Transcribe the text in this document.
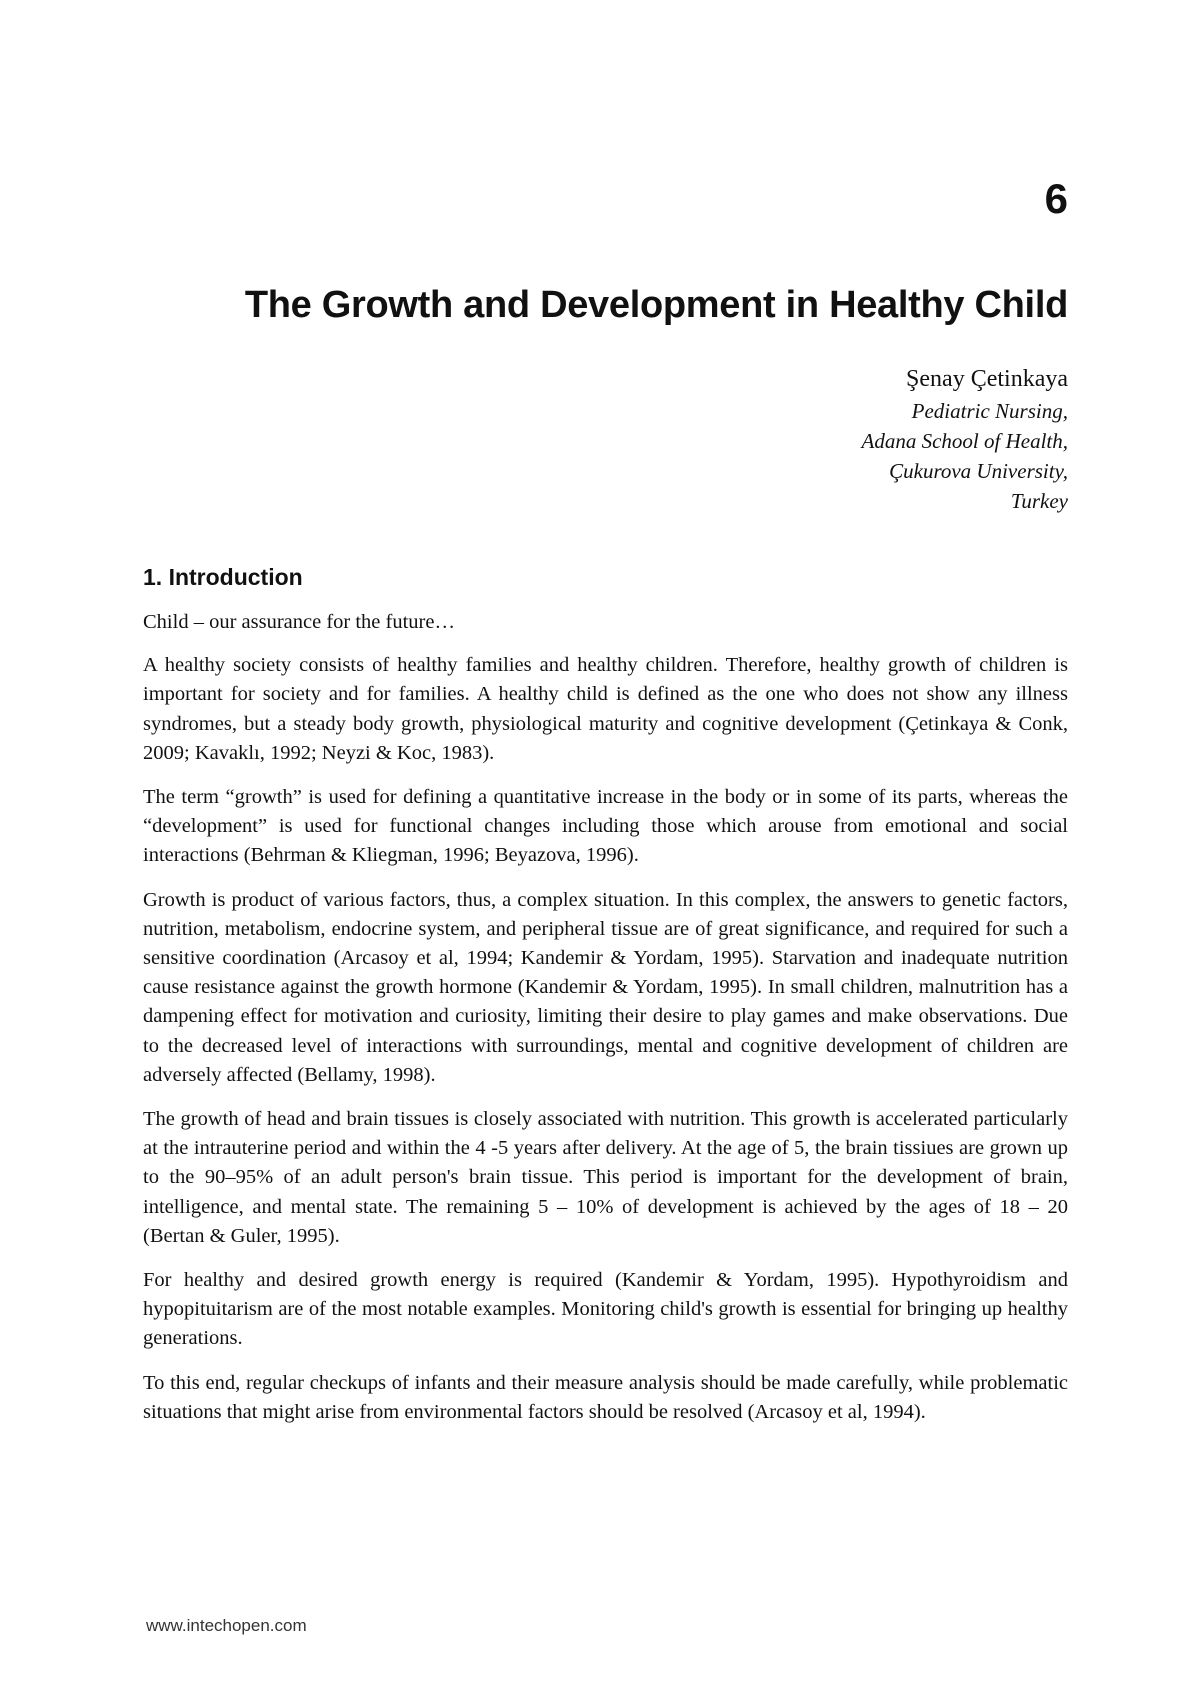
6
The Growth and Development in Healthy Child
Şenay Çetinkaya
Pediatric Nursing,
Adana School of Health,
Çukurova University,
Turkey
1. Introduction

Child – our assurance for the future…

A healthy society consists of healthy families and healthy children. Therefore, healthy growth of children is important for society and for families. A healthy child is defined as the one who does not show any illness syndromes, but a steady body growth, physiological maturity and cognitive development (Çetinkaya & Conk, 2009; Kavaklı, 1992; Neyzi & Koc, 1983).

The term “growth” is used for defining a quantitative increase in the body or in some of its parts, whereas the “development” is used for functional changes including those which arouse from emotional and social interactions (Behrman & Kliegman, 1996; Beyazova, 1996).

Growth is product of various factors, thus, a complex situation. In this complex, the answers to genetic factors, nutrition, metabolism, endocrine system, and peripheral tissue are of great significance, and required for such a sensitive coordination (Arcasoy et al, 1994; Kandemir & Yordam, 1995). Starvation and inadequate nutrition cause resistance against the growth hormone (Kandemir & Yordam, 1995). In small children, malnutrition has a dampening effect for motivation and curiosity, limiting their desire to play games and make observations. Due to the decreased level of interactions with surroundings, mental and cognitive development of children are adversely affected (Bellamy, 1998).

The growth of head and brain tissues is closely associated with nutrition. This growth is accelerated particularly at the intrauterine period and within the 4 -5 years after delivery. At the age of 5, the brain tissiues are grown up to the 90–95% of an adult person's brain tissue. This period is important for the development of brain, intelligence, and mental state. The remaining 5 – 10% of development is achieved by the ages of 18 – 20 (Bertan & Guler, 1995).

For healthy and desired growth energy is required (Kandemir & Yordam, 1995). Hypothyroidism and hypopituitarism are of the most notable examples. Monitoring child's growth is essential for bringing up healthy generations.

To this end, regular checkups of infants and their measure analysis should be made carefully, while problematic situations that might arise from environmental factors should be resolved (Arcasoy et al, 1994).

www.intechopen.com
